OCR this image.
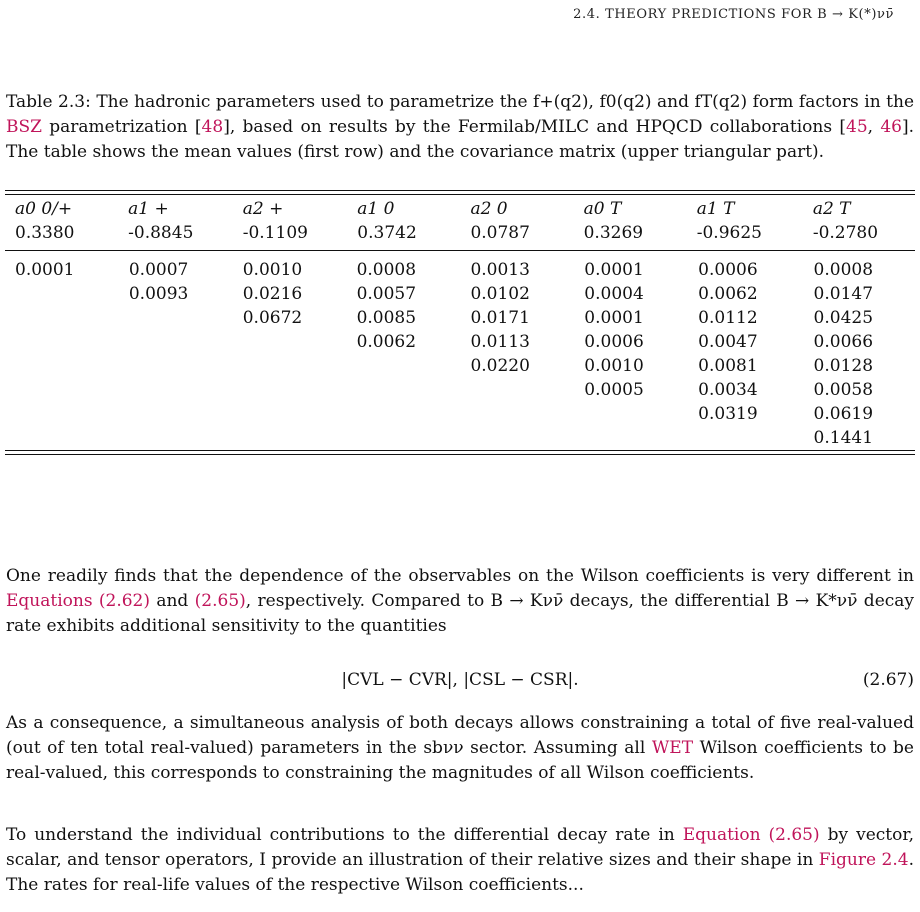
2.4. THEORY PREDICTIONS FOR B → K(*)νν̄
Table 2.3: The hadronic parameters used to parametrize the f+(q2), f0(q2) and fT(q2) form factors in the BSZ parametrization [48], based on results by the Fermilab/MILC and HPQCD collaborations [45, 46]. The table shows the mean values (first row) and the covariance matrix (upper triangular part).
a0 0/+	a1 +	a2 +	a1 0	a2 0	a0 T	a1 T	a2 T
0.3380	-0.8845	-0.1109	0.3742	0.0787	0.3269	-0.9625	-0.2780
0.0001	0.0007	0.0010	0.0008	0.0013	0.0001	0.0006	0.0008
	0.0093	0.0216	0.0057	0.0102	0.0004	0.0062	0.0147
		0.0672	0.0085	0.0171	0.0001	0.0112	0.0425
			0.0062	0.0113	0.0006	0.0047	0.0066
				0.0220	0.0010	0.0081	0.0128
					0.0005	0.0034	0.0058
						0.0319	0.0619
							0.1441
One readily finds that the dependence of the observables on the Wilson coefficients is very different in Equations (2.62) and (2.65), respectively. Compared to B → Kνν̄ decays, the differential B → K*νν̄ decay rate exhibits additional sensitivity to the quantities
|CVL − CVR|, |CSL − CSR|.	(2.67)
As a consequence, a simultaneous analysis of both decays allows constraining a total of five real-valued (out of ten total real-valued) parameters in the sbνν sector. Assuming all WET Wilson coefficients to be real-valued, this corresponds to constraining the magnitudes of all Wilson coefficients.
To understand the individual contributions to the differential decay rate in Equation (2.65) by vector, scalar, and tensor operators, I provide an illustration of their relative sizes and their shape in Figure 2.4. The rates for real-life values of the respective Wilson coefficients...
